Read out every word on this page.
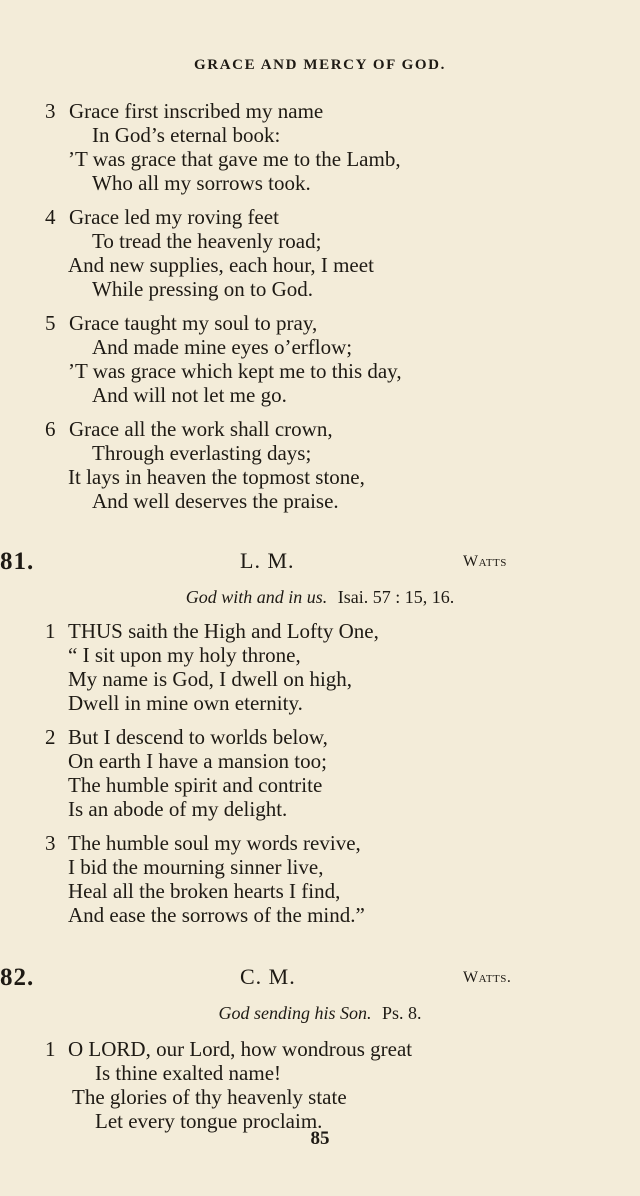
GRACE AND MERCY OF GOD.
3 Grace first inscribed my name
In God’s eternal book:
’T was grace that gave me to the Lamb,
Who all my sorrows took.
4 Grace led my roving feet
To tread the heavenly road;
And new supplies, each hour, I meet
While pressing on to God.
5 Grace taught my soul to pray,
And made mine eyes o’erflow;
’T was grace which kept me to this day,
And will not let me go.
6 Grace all the work shall crown,
Through everlasting days;
It lays in heaven the topmost stone,
And well deserves the praise.
81.	L. M.	Watts
God with and in us. Isai. 57 : 15, 16.
1 THUS saith the High and Lofty One,
“ I sit upon my holy throne,
My name is God, I dwell on high,
Dwell in mine own eternity.
2 But I descend to worlds below,
On earth I have a mansion too;
The humble spirit and contrite
Is an abode of my delight.
3 The humble soul my words revive,
I bid the mourning sinner live,
Heal all the broken hearts I find,
And ease the sorrows of the mind.”
82.	C. M.	Watts.
God sending his Son. Ps. 8.
1 O LORD, our Lord, how wondrous great
Is thine exalted name!
The glories of thy heavenly state
Let every tongue proclaim.
85
